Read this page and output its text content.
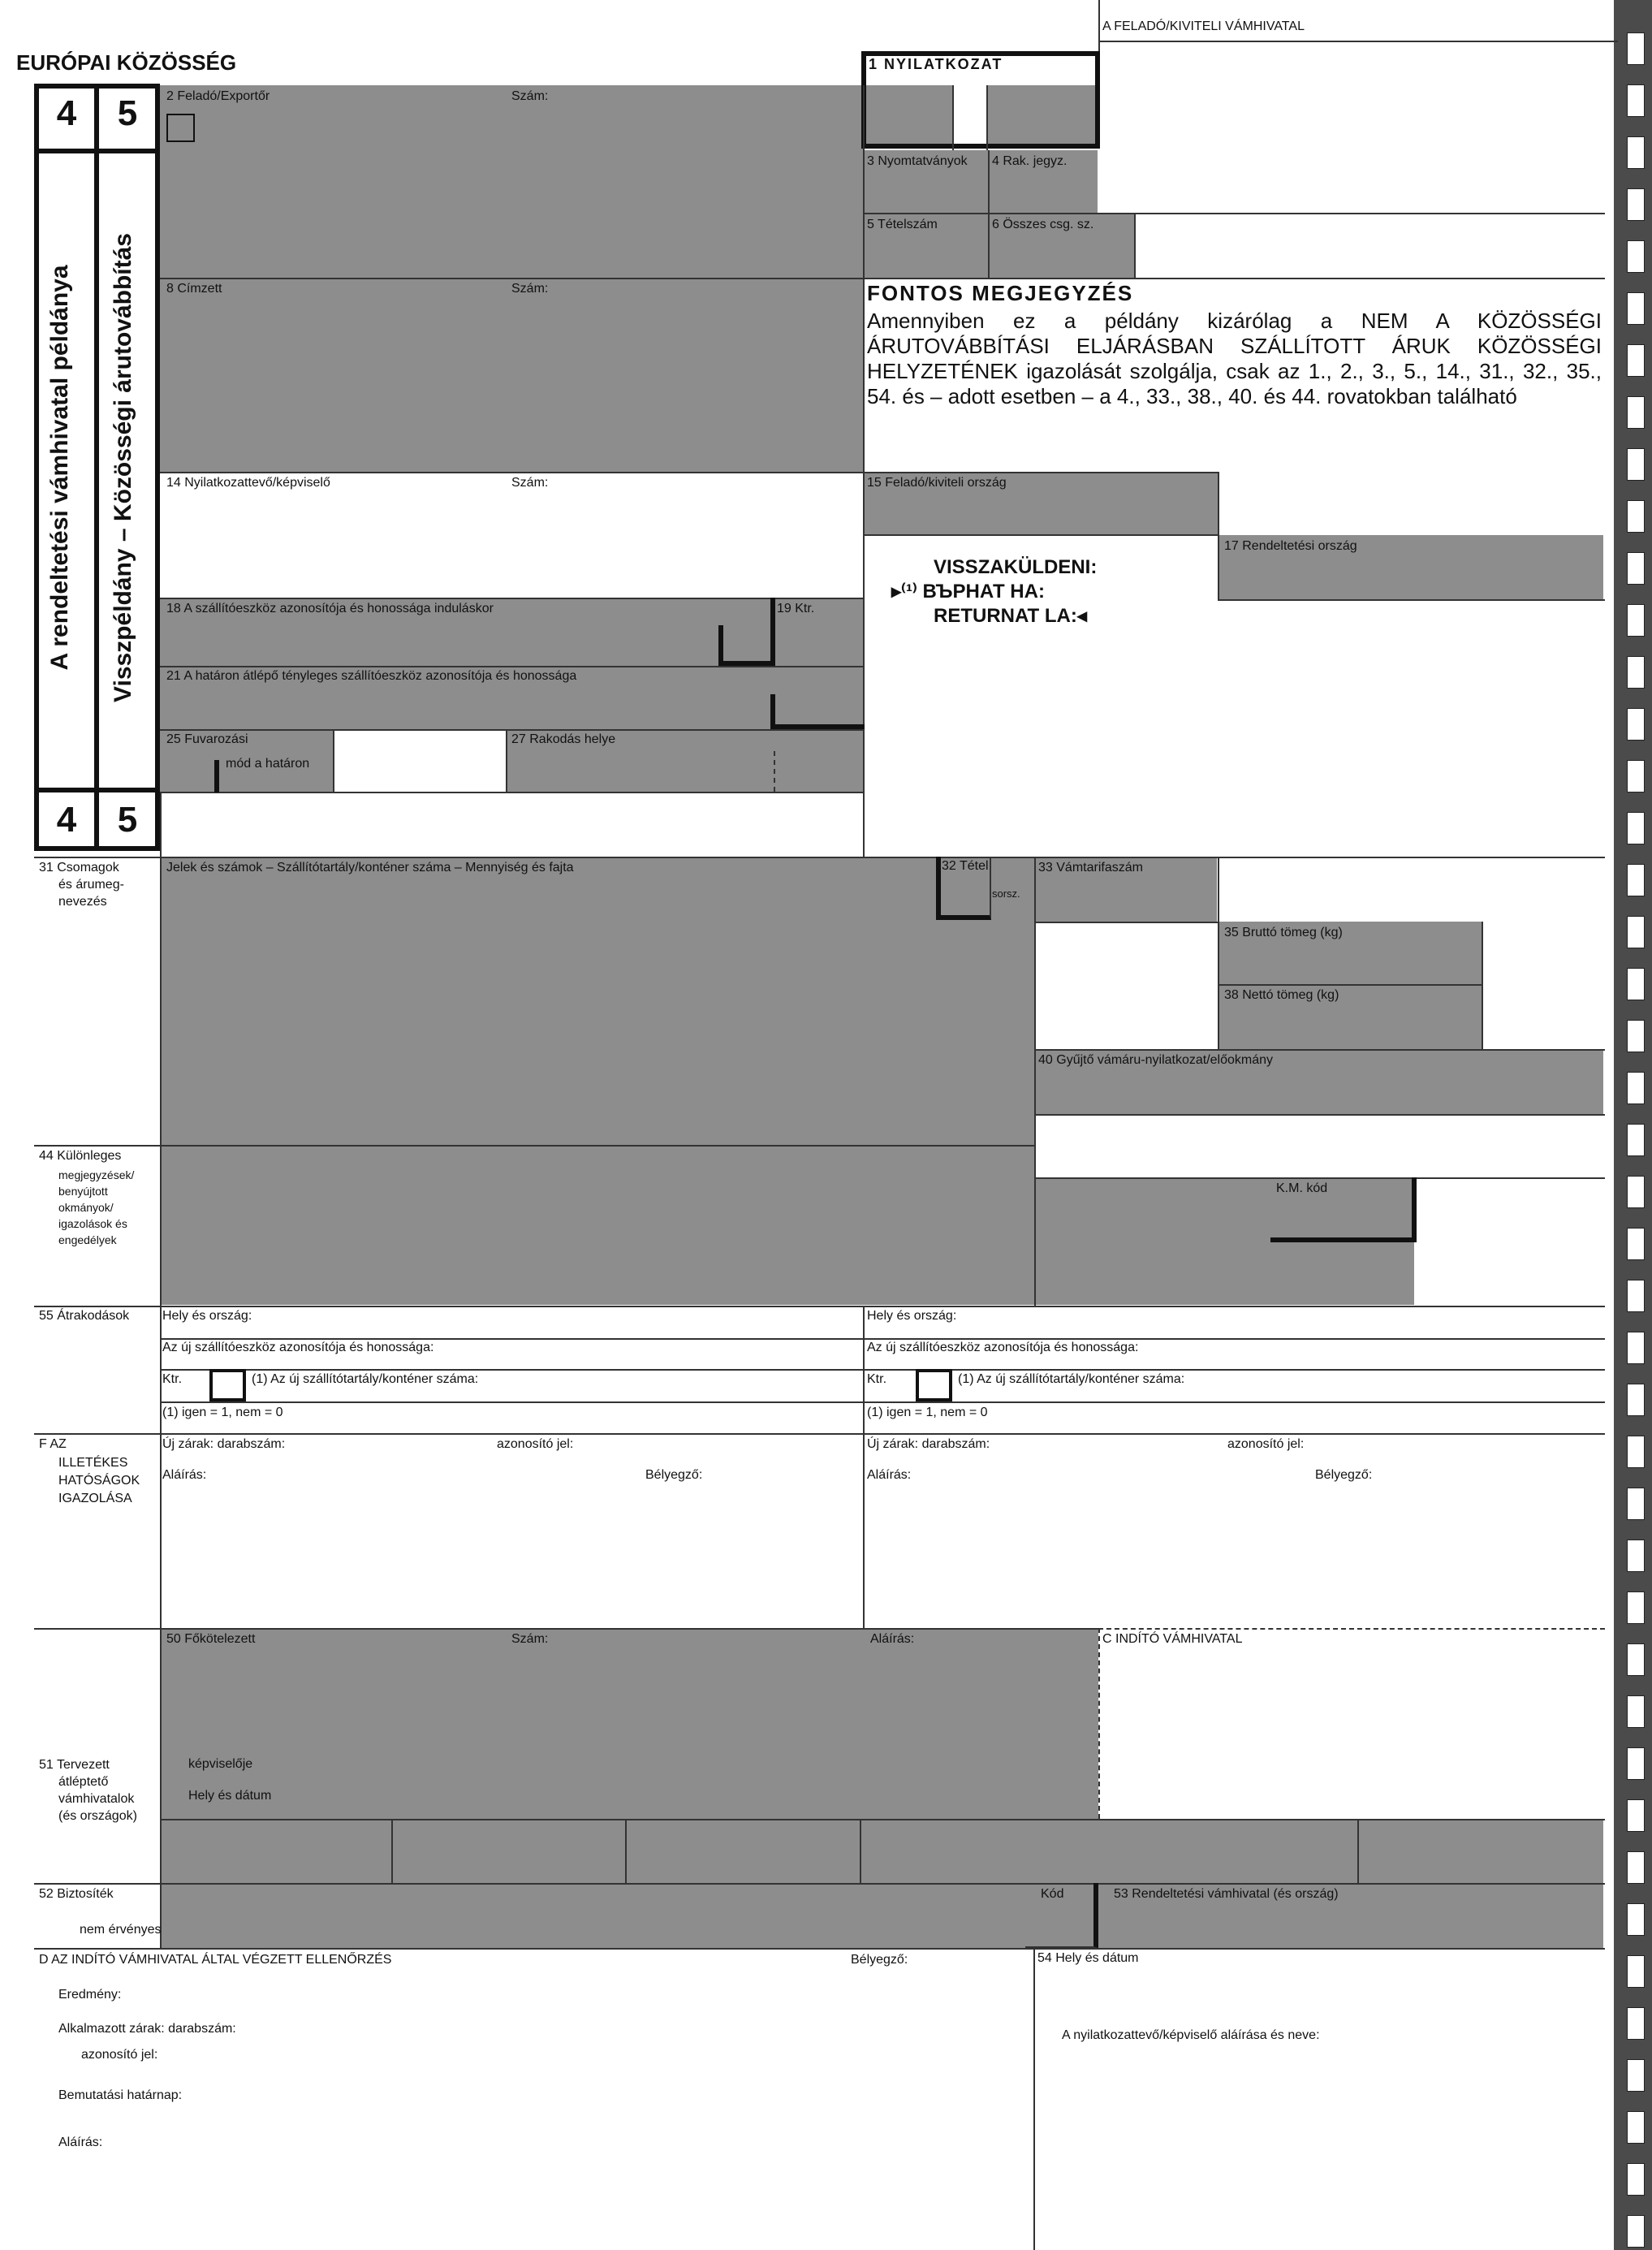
EURÓPAI KÖZÖSSÉG
A FELADÓ/KIVITELI VÁMHIVATAL
1 NYILATKOZAT
4	5
4	5
A rendeltetési vámhivatal példánya Visszpéldány – Közösségi árutovábbítás
2 Feladó/Exportőr	Szám:
3 Nyomtatványok 4 Rak. jegyz.
5 Tételszám	6 Összes csg. sz.
8 Címzett	Szám:	FONTOS MEGJEGYZÉS
Amennyiben ez a példány kizárólag a NEM A KÖZÖSSÉGI ÁRUTOVÁBBÍTÁSI ELJÁRÁSBAN SZÁLLÍTOTT ÁRUK KÖZÖSSÉGI HELYZETÉNEK igazolását szolgálja, csak az 1., 2., 3., 5., 14., 31., 32., 35., 54. és – adott esetben – a 4., 33., 38., 40. és 44. rovatokban található
14 Nyilatkozattevő/képviselő	Szám:	15 Feladó/kiviteli ország
17 Rendeltetési ország
VISSZAKÜLDENI:
▸⁽¹⁾ ВЪРНАТ НА:
RETURNAT LA:◂
18 A szállítóeszköz azonosítója és honossága induláskor	19 Ktr.
21 A határon átlépő tényleges szállítóeszköz azonosítója és honossága
25 Fuvarozási
mód a határon
27 Rakodás helye
31 Csomagok
és árumeg-
nevezés
Jelek és számok – Szállítótartály/konténer száma – Mennyiség és fajta	32 Tétel
sorsz.
33 Vámtarifaszám
35 Bruttó tömeg (kg)
38 Nettó tömeg (kg)
40 Gyűjtő vámáru-nyilatkozat/előokmány
44 Különleges
megjegyzések/
benyújtott
okmányok/
igazolások és
engedélyek
K.M. kód
55 Átrakodások	Hely és ország:	Hely és ország:
Az új szállítóeszköz azonosítója és honossága:	Az új szállítóeszköz azonosítója és honossága:
Ktr.	(1) Az új szállítótartály/konténer száma:	Ktr.	(1) Az új szállítótartály/konténer száma:
(1) igen = 1, nem = 0	(1) igen = 1, nem = 0
F AZ
ILLETÉKES
HATÓSÁGOK
IGAZOLÁSA
Új zárak: darabszám:	azonosító jel:	Új zárak: darabszám:	azonosító jel:
Aláírás:	Bélyegző:	Aláírás:	Bélyegző:
50 Főkötelezett	Szám:	Aláírás:	C INDÍTÓ VÁMHIVATAL
képviselője
Hely és dátum
51 Tervezett
átléptető
vámhivatalok
(és országok)
52 Biztosíték
nem érvényes
Kód	53 Rendeltetési vámhivatal (és ország)
D AZ INDÍTÓ VÁMHIVATAL ÁLTAL VÉGZETT ELLENŐRZÉS	Bélyegző:
Eredmény:
Alkalmazott zárak: darabszám:
azonosító jel:
Bemutatási határnap:
Aláírás:
54 Hely és dátum
A nyilatkozattevő/képviselő aláírása és neve:
